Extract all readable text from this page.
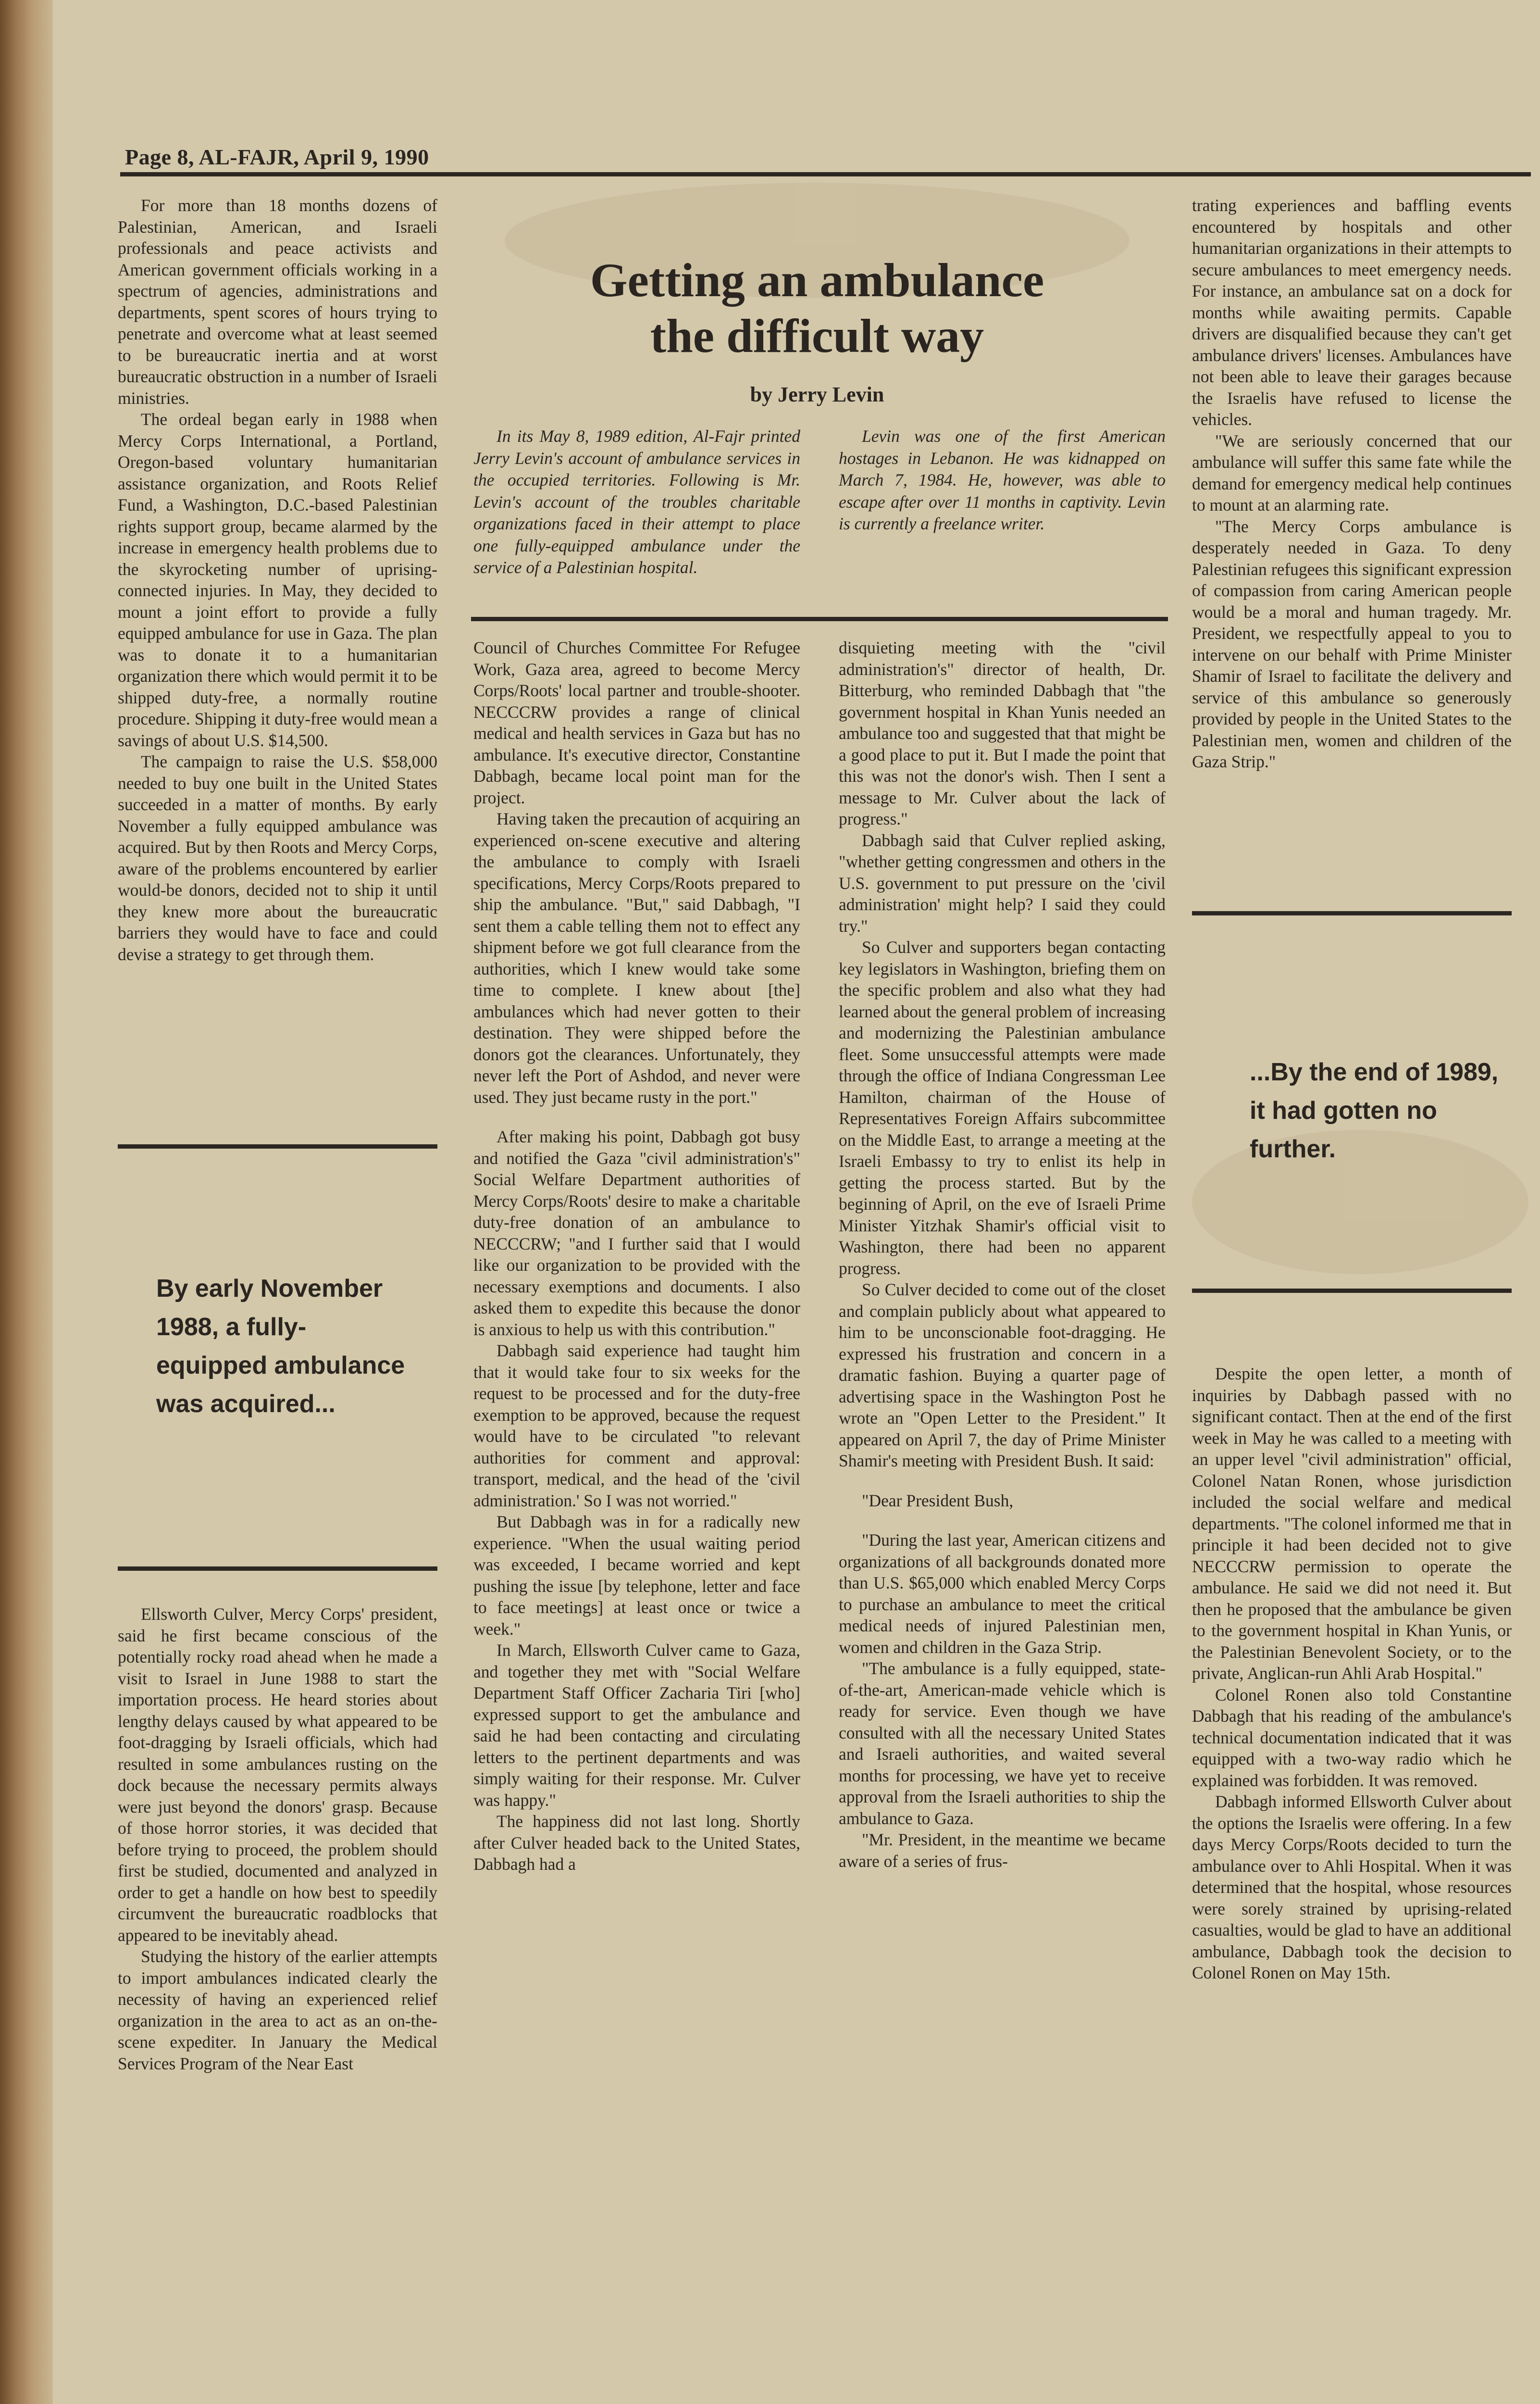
Page 8, AL-FAJR, April 9, 1990

For more than 18 months dozens of Palestinian, American, and Israeli professionals and peace activists and American government officials working in a spectrum of agencies, administrations and departments, spent scores of hours trying to penetrate and overcome what at least seemed to be bureaucratic inertia and at worst bureaucratic obstruction in a number of Israeli ministries.

The ordeal began early in 1988 when Mercy Corps International, a Portland, Oregon-based voluntary humanitarian assistance organization, and Roots Relief Fund, a Washington, D.C.-based Palestinian rights support group, became alarmed by the increase in emergency health problems due to the skyrocketing number of uprising-connected injuries. In May, they decided to mount a joint effort to provide a fully equipped ambulance for use in Gaza. The plan was to donate it to a humanitarian organization there which would permit it to be shipped duty-free, a normally routine procedure. Shipping it duty-free would mean a savings of about U.S. $14,500.

The campaign to raise the U.S. $58,000 needed to buy one built in the United States succeeded in a matter of months. By early November a fully equipped ambulance was acquired. But by then Roots and Mercy Corps, aware of the problems encountered by earlier would-be donors, decided not to ship it until they knew more about the bureaucratic barriers they would have to face and could devise a strategy to get through them.

By early November 1988, a fully-equipped ambulance was acquired...

Ellsworth Culver, Mercy Corps' president, said he first became conscious of the potentially rocky road ahead when he made a visit to Israel in June 1988 to start the importation process. He heard stories about lengthy delays caused by what appeared to be foot-dragging by Israeli officials, which had resulted in some ambulances rusting on the dock because the necessary permits always were just beyond the donors' grasp. Because of those horror stories, it was decided that before trying to proceed, the problem should first be studied, documented and analyzed in order to get a handle on how best to speedily circumvent the bureaucratic roadblocks that appeared to be inevitably ahead.

Studying the history of the earlier attempts to import ambulances indicated clearly the necessity of having an experienced relief organization in the area to act as an on-the-scene expediter. In January the Medical Services Program of the Near East

Getting an ambulance
the difficult way
by Jerry Levin

In its May 8, 1989 edition, Al-Fajr printed Jerry Levin's account of ambulance services in the occupied territories. Following is Mr. Levin's account of the troubles charitable organizations faced in their attempt to place one fully-equipped ambulance under the service of a Palestinian hospital.

Levin was one of the first American hostages in Lebanon. He was kidnapped on March 7, 1984. He, however, was able to escape after over 11 months in captivity. Levin is currently a freelance writer.

Council of Churches Committee For Refugee Work, Gaza area, agreed to become Mercy Corps/Roots' local partner and trouble-shooter. NECCCRW provides a range of clinical medical and health services in Gaza but has no ambulance. It's executive director, Constantine Dabbagh, became local point man for the project.

Having taken the precaution of acquiring an experienced on-scene executive and altering the ambulance to comply with Israeli specifications, Mercy Corps/Roots prepared to ship the ambulance. "But," said Dabbagh, "I sent them a cable telling them not to effect any shipment before we got full clearance from the authorities, which I knew would take some time to complete. I knew about [the] ambulances which had never gotten to their destination. They were shipped before the donors got the clearances. Unfortunately, they never left the Port of Ashdod, and never were used. They just became rusty in the port."

After making his point, Dabbagh got busy and notified the Gaza "civil administration's" Social Welfare Department authorities of Mercy Corps/Roots' desire to make a charitable duty-free donation of an ambulance to NECCCRW; "and I further said that I would like our organization to be provided with the necessary exemptions and documents. I also asked them to expedite this because the donor is anxious to help us with this contribution."

Dabbagh said experience had taught him that it would take four to six weeks for the request to be processed and for the duty-free exemption to be approved, because the request would have to be circulated "to relevant authorities for comment and approval: transport, medical, and the head of the 'civil administration.' So I was not worried."

But Dabbagh was in for a radically new experience. "When the usual waiting period was exceeded, I became worried and kept pushing the issue [by telephone, letter and face to face meetings] at least once or twice a week."

In March, Ellsworth Culver came to Gaza, and together they met with "Social Welfare Department Staff Officer Zacharia Tiri [who] expressed support to get the ambulance and said he had been contacting and circulating letters to the pertinent departments and was simply waiting for their response. Mr. Culver was happy."

The happiness did not last long. Shortly after Culver headed back to the United States, Dabbagh had a

disquieting meeting with the "civil administration's" director of health, Dr. Bitterburg, who reminded Dabbagh that "the government hospital in Khan Yunis needed an ambulance too and suggested that that might be a good place to put it. But I made the point that this was not the donor's wish. Then I sent a message to Mr. Culver about the lack of progress."

Dabbagh said that Culver replied asking, "whether getting congressmen and others in the U.S. government to put pressure on the 'civil administration' might help? I said they could try."

So Culver and supporters began contacting key legislators in Washington, briefing them on the specific problem and also what they had learned about the general problem of increasing and modernizing the Palestinian ambulance fleet. Some unsuccessful attempts were made through the office of Indiana Congressman Lee Hamilton, chairman of the House of Representatives Foreign Affairs subcommittee on the Middle East, to arrange a meeting at the Israeli Embassy to try to enlist its help in getting the process started. But by the beginning of April, on the eve of Israeli Prime Minister Yitzhak Shamir's official visit to Washington, there had been no apparent progress.

So Culver decided to come out of the closet and complain publicly about what appeared to him to be unconscionable foot-dragging. He expressed his frustration and concern in a dramatic fashion. Buying a quarter page of advertising space in the Washington Post he wrote an "Open Letter to the President." It appeared on April 7, the day of Prime Minister Shamir's meeting with President Bush. It said:

"Dear President Bush,

"During the last year, American citizens and organizations of all backgrounds donated more than U.S. $65,000 which enabled Mercy Corps to purchase an ambulance to meet the critical medical needs of injured Palestinian men, women and children in the Gaza Strip.

"The ambulance is a fully equipped, state-of-the-art, American-made vehicle which is ready for service. Even though we have consulted with all the necessary United States and Israeli authorities, and waited several months for processing, we have yet to receive approval from the Israeli authorities to ship the ambulance to Gaza.

"Mr. President, in the meantime we became aware of a series of frus-

trating experiences and baffling events encountered by hospitals and other humanitarian organizations in their attempts to secure ambulances to meet emergency needs. For instance, an ambulance sat on a dock for months while awaiting permits. Capable drivers are disqualified because they can't get ambulance drivers' licenses. Ambulances have not been able to leave their garages because the Israelis have refused to license the vehicles.

"We are seriously concerned that our ambulance will suffer this same fate while the demand for emergency medical help continues to mount at an alarming rate.

"The Mercy Corps ambulance is desperately needed in Gaza. To deny Palestinian refugees this significant expression of compassion from caring American people would be a moral and human tragedy. Mr. President, we respectfully appeal to you to intervene on our behalf with Prime Minister Shamir of Israel to facilitate the delivery and service of this ambulance so generously provided by people in the United States to the Palestinian men, women and children of the Gaza Strip."

...By the end of 1989, it had gotten no further.

Despite the open letter, a month of inquiries by Dabbagh passed with no significant contact. Then at the end of the first week in May he was called to a meeting with an upper level "civil administration" official, Colonel Natan Ronen, whose jurisdiction included the social welfare and medical departments. "The colonel informed me that in principle it had been decided not to give NECCCRW permission to operate the ambulance. He said we did not need it. But then he proposed that the ambulance be given to the government hospital in Khan Yunis, or the Palestinian Benevolent Society, or to the private, Anglican-run Ahli Arab Hospital."

Colonel Ronen also told Constantine Dabbagh that his reading of the ambulance's technical documentation indicated that it was equipped with a two-way radio which he explained was forbidden. It was removed.

Dabbagh informed Ellsworth Culver about the options the Israelis were offering. In a few days Mercy Corps/Roots decided to turn the ambulance over to Ahli Hospital. When it was determined that the hospital, whose resources were sorely strained by uprising-related casualties, would be glad to have an additional ambulance, Dabbagh took the decision to Colonel Ronen on May 15th.
